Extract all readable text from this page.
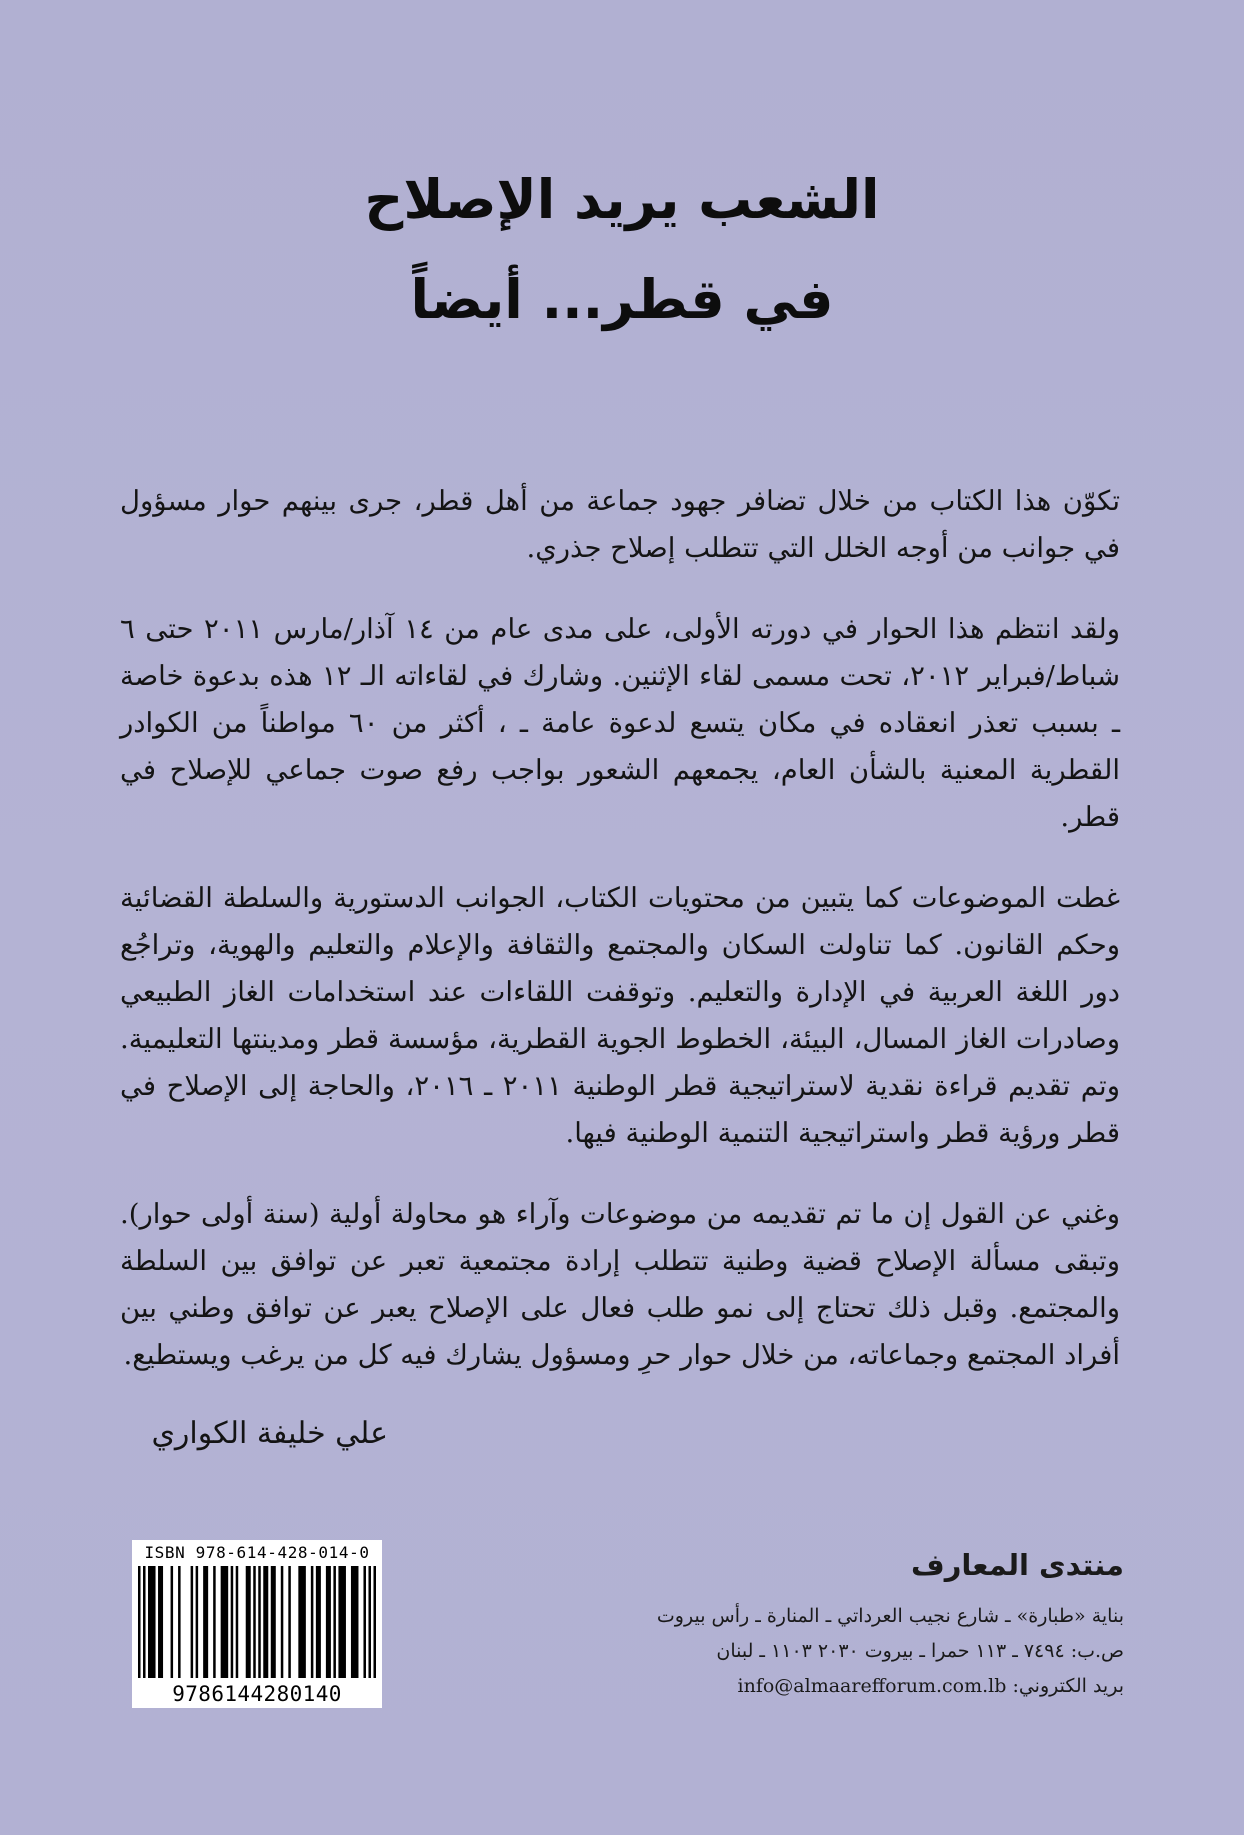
الشعب يريد الإصلاح
في قطر... أيضاً

تكوّن هذا الكتاب من خلال تضافر جهود جماعة من أهل قطر، جرى بينهم حوار مسؤول في جوانب من أوجه الخلل التي تتطلب إصلاح جذري.

ولقد انتظم هذا الحوار في دورته الأولى، على مدى عام من ١٤ آذار/مارس ٢٠١١ حتى ٦ شباط/فبراير ٢٠١٢، تحت مسمى لقاء الإثنين. وشارك في لقاءاته الـ ١٢ هذه بدعوة خاصة ـ بسبب تعذر انعقاده في مكان يتسع لدعوة عامة ـ ، أكثر من ٦٠ مواطناً من الكوادر القطرية المعنية بالشأن العام، يجمعهم الشعور بواجب رفع صوت جماعي للإصلاح في قطر.

غطت الموضوعات كما يتبين من محتويات الكتاب، الجوانب الدستورية والسلطة القضائية وحكم القانون. كما تناولت السكان والمجتمع والثقافة والإعلام والتعليم والهوية، وتراجُع دور اللغة العربية في الإدارة والتعليم. وتوقفت اللقاءات عند استخدامات الغاز الطبيعي وصادرات الغاز المسال، البيئة، الخطوط الجوية القطرية، مؤسسة قطر ومدينتها التعليمية. وتم تقديم قراءة نقدية لاستراتيجية قطر الوطنية ٢٠١١ ـ ٢٠١٦، والحاجة إلى الإصلاح في قطر ورؤية قطر واستراتيجية التنمية الوطنية فيها.

وغني عن القول إن ما تم تقديمه من موضوعات وآراء هو محاولة أولية (سنة أولى حوار). وتبقى مسألة الإصلاح قضية وطنية تتطلب إرادة مجتمعية تعبر عن توافق بين السلطة والمجتمع. وقبل ذلك تحتاج إلى نمو طلب فعال على الإصلاح يعبر عن توافق وطني بين أفراد المجتمع وجماعاته، من خلال حوار حرِ ومسؤول يشارك فيه كل من يرغب ويستطيع.

علي خليفة الكواري
منتدى المعارف
بناية «طبارة» ـ شارع نجيب العرداتي ـ المنارة ـ رأس بيروت
ص.ب: ٧٤٩٤ ـ ١١٣ حمرا ـ بيروت ٢٠٣٠ ١١٠٣ ـ لبنان
بريد الكتروني: info@almaarefforum.com.lb
ISBN 978-614-428-014-0
9786144280140
